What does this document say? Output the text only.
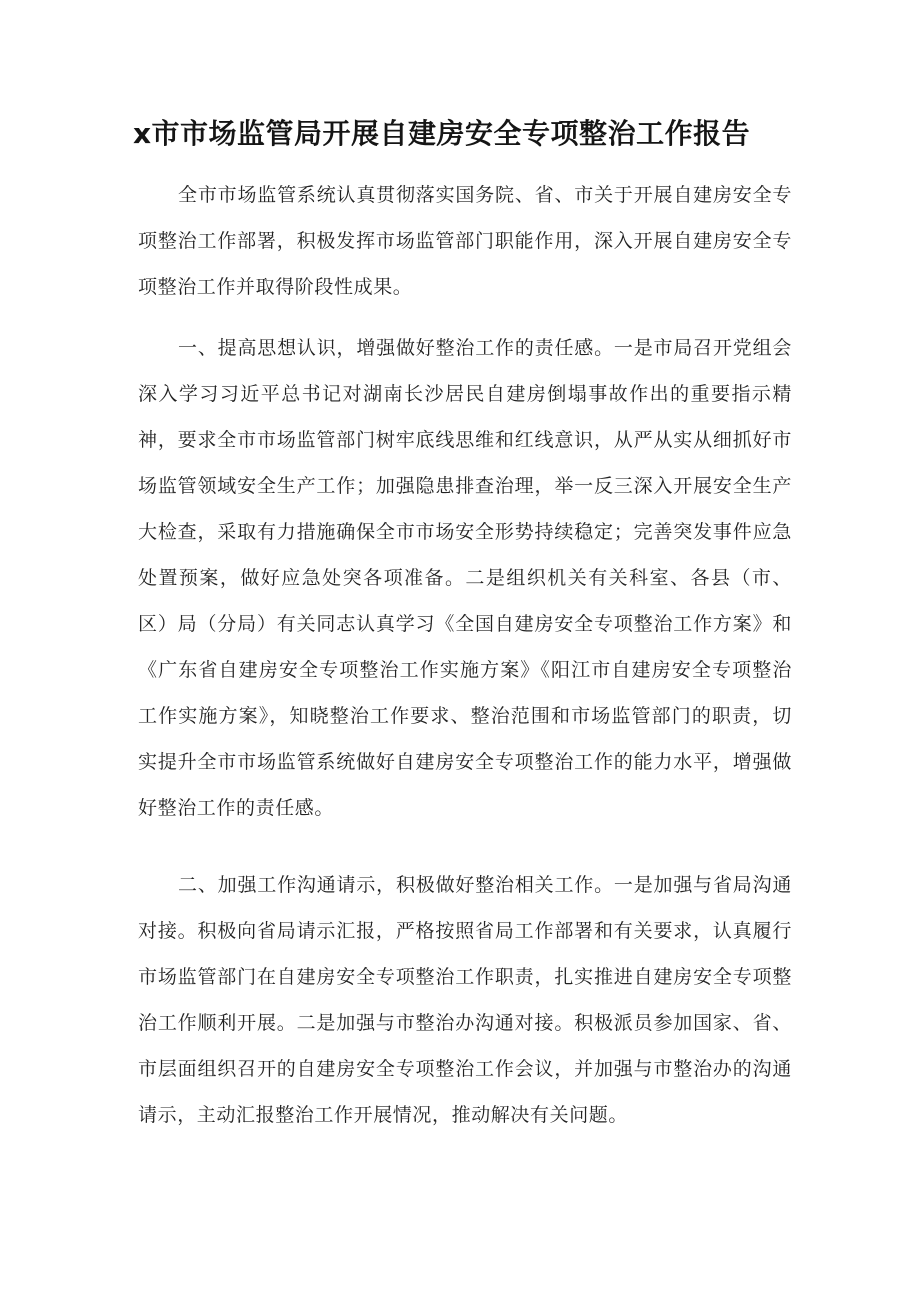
x市市场监管局开展自建房安全专项整治工作报告

全市市场监管系统认真贯彻落实国务院、省、市关于开展自建房安全专项整治工作部署，积极发挥市场监管部门职能作用，深入开展自建房安全专项整治工作并取得阶段性成果。

一、提高思想认识，增强做好整治工作的责任感。一是市局召开党组会深入学习习近平总书记对湖南长沙居民自建房倒塌事故作出的重要指示精神，要求全市市场监管部门树牢底线思维和红线意识，从严从实从细抓好市场监管领域安全生产工作；加强隐患排查治理，举一反三深入开展安全生产大检查，采取有力措施确保全市市场安全形势持续稳定；完善突发事件应急处置预案，做好应急处突各项准备。二是组织机关有关科室、各县（市、区）局（分局）有关同志认真学习《全国自建房安全专项整治工作方案》和《广东省自建房安全专项整治工作实施方案》《阳江市自建房安全专项整治工作实施方案》，知晓整治工作要求、整治范围和市场监管部门的职责，切实提升全市市场监管系统做好自建房安全专项整治工作的能力水平，增强做好整治工作的责任感。

二、加强工作沟通请示，积极做好整治相关工作。一是加强与省局沟通对接。积极向省局请示汇报，严格按照省局工作部署和有关要求，认真履行市场监管部门在自建房安全专项整治工作职责，扎实推进自建房安全专项整治工作顺利开展。二是加强与市整治办沟通对接。积极派员参加国家、省、市层面组织召开的自建房安全专项整治工作会议，并加强与市整治办的沟通请示，主动汇报整治工作开展情况，推动解决有关问题。
